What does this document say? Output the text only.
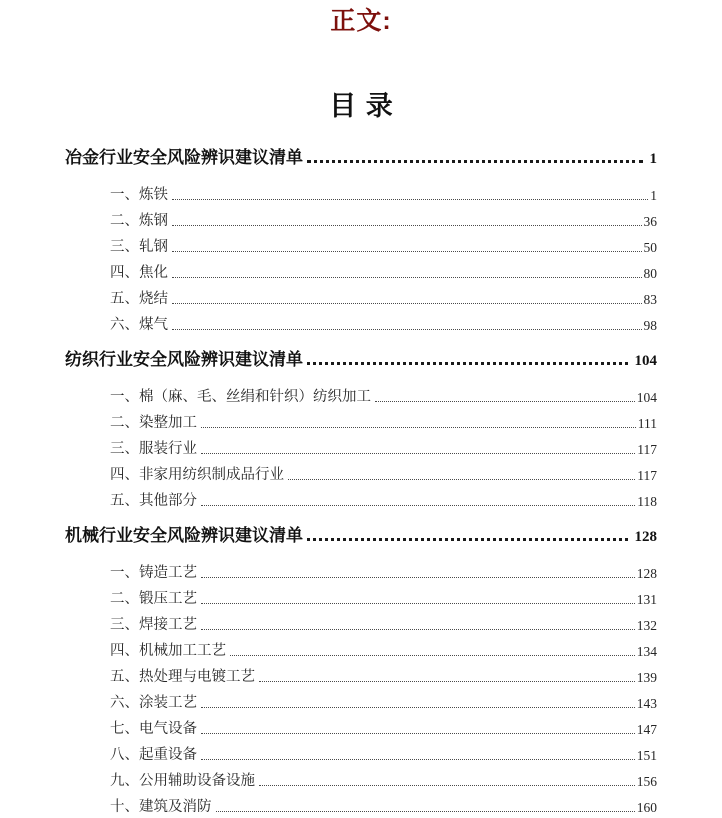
正文:
目录
冶金行业安全风险辨识建议清单	1
一、炼铁	1
二、炼钢	36
三、轧钢	50
四、焦化	80
五、烧结	83
六、煤气	98
纺织行业安全风险辨识建议清单	104
一、棉（麻、毛、丝绢和针织）纺织加工	104
二、染整加工	111
三、服装行业	117
四、非家用纺织制成品行业	117
五、其他部分	118
机械行业安全风险辨识建议清单	128
一、铸造工艺	128
二、锻压工艺	131
三、焊接工艺	132
四、机械加工工艺	134
五、热处理与电镀工艺	139
六、涂装工艺	143
七、电气设备	147
八、起重设备	151
九、公用辅助设备设施	156
十、建筑及消防	160
